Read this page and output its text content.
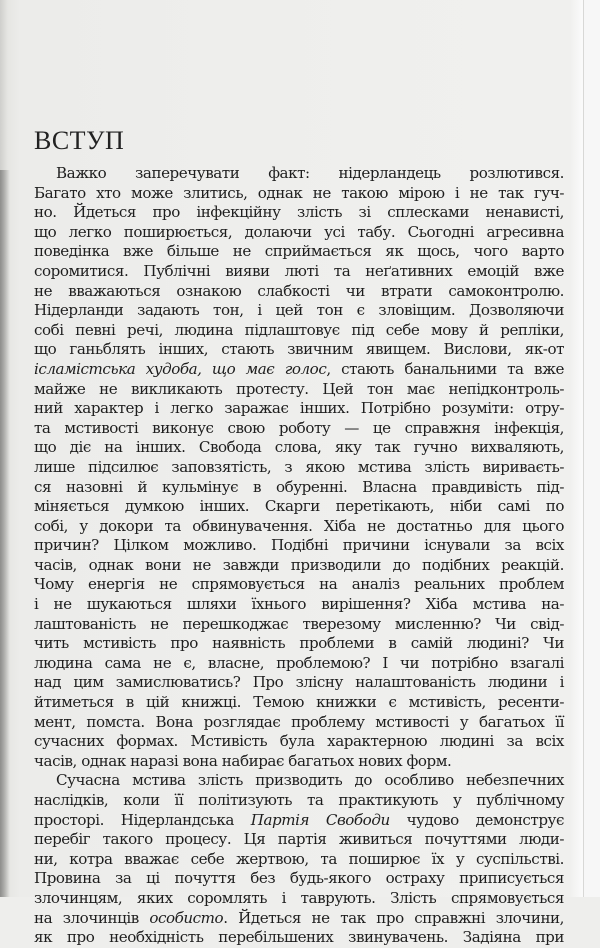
ВСТУП
Важко заперечувати факт: нідерландець розлютився.
Багато хто може злитись, однак не такою мірою і не так гуч-
но. Йдеться про інфекційну злість зі сплесками ненависті,
що легко поширюється, долаючи усі табу. Сьогодні агресивна
поведінка вже більше не сприймається як щось, чого варто
соромитися. Публічні вияви люті та неґативних емоцій вже
не вважаються ознакою слабкості чи втрати самоконтролю.
Нідерланди задають тон, і цей тон є зловіщим. Дозволяючи
собі певні речі, людина підлаштовує під себе мову й репліки,
що ганьблять інших, стають звичним явищем. Вислови, як-от
ісламістська худоба, що має голос, стають банальними та вже
майже не викликають протесту. Цей тон має непідконтроль-
ний характер і легко заражає інших. Потрібно розуміти: отру-
та мстивості виконує свою роботу — це справжня інфекція,
що діє на інших. Свобода слова, яку так гучно вихваляють,
лише підсилює заповзятість, з якою мстива злість вириваєть-
ся назовні й кульмінує в обуренні. Власна правдивість під-
міняється думкою інших. Скарги перетікають, ніби самі по
собі, у докори та обвинувачення. Хіба не достатньо для цього
причин? Цілком можливо. Подібні причини існували за всіх
часів, однак вони не завжди призводили до подібних реакцій.
Чому енергія не спрямовується на аналіз реальних проблем
і не шукаються шляхи їхнього вирішення? Хіба мстива на-
лаштованість не перешкоджає тверезому мисленню? Чи свід-
чить мстивість про наявність проблеми в самій людині? Чи
людина сама не є, власне, проблемою? І чи потрібно взагалі
над цим замислюватись? Про злісну налаштованість людини і
йтиметься в цій книжці. Темою книжки є мстивість, ресенти-
мент, помста. Вона розглядає проблему мстивості у багатьох її
сучасних формах. Мстивість була характерною людині за всіх
часів, однак наразі вона набирає багатьох нових форм.
Сучасна мстива злість призводить до особливо небезпечних
наслідків, коли її політизують та практикують у публічному
просторі. Нідерландська Партія Свободи чудово демонструє
перебіг такого процесу. Ця партія живиться почуттями люди-
ни, котра вважає себе жертвою, та поширює їх у суспільстві.
Провина за ці почуття без будь-якого остраху приписується
злочинцям, яких соромлять і таврують. Злість спрямовується
на злочинців особисто. Йдеться не так про справжні злочини,
як про необхідність перебільшених звинувачень. Задіяна при
